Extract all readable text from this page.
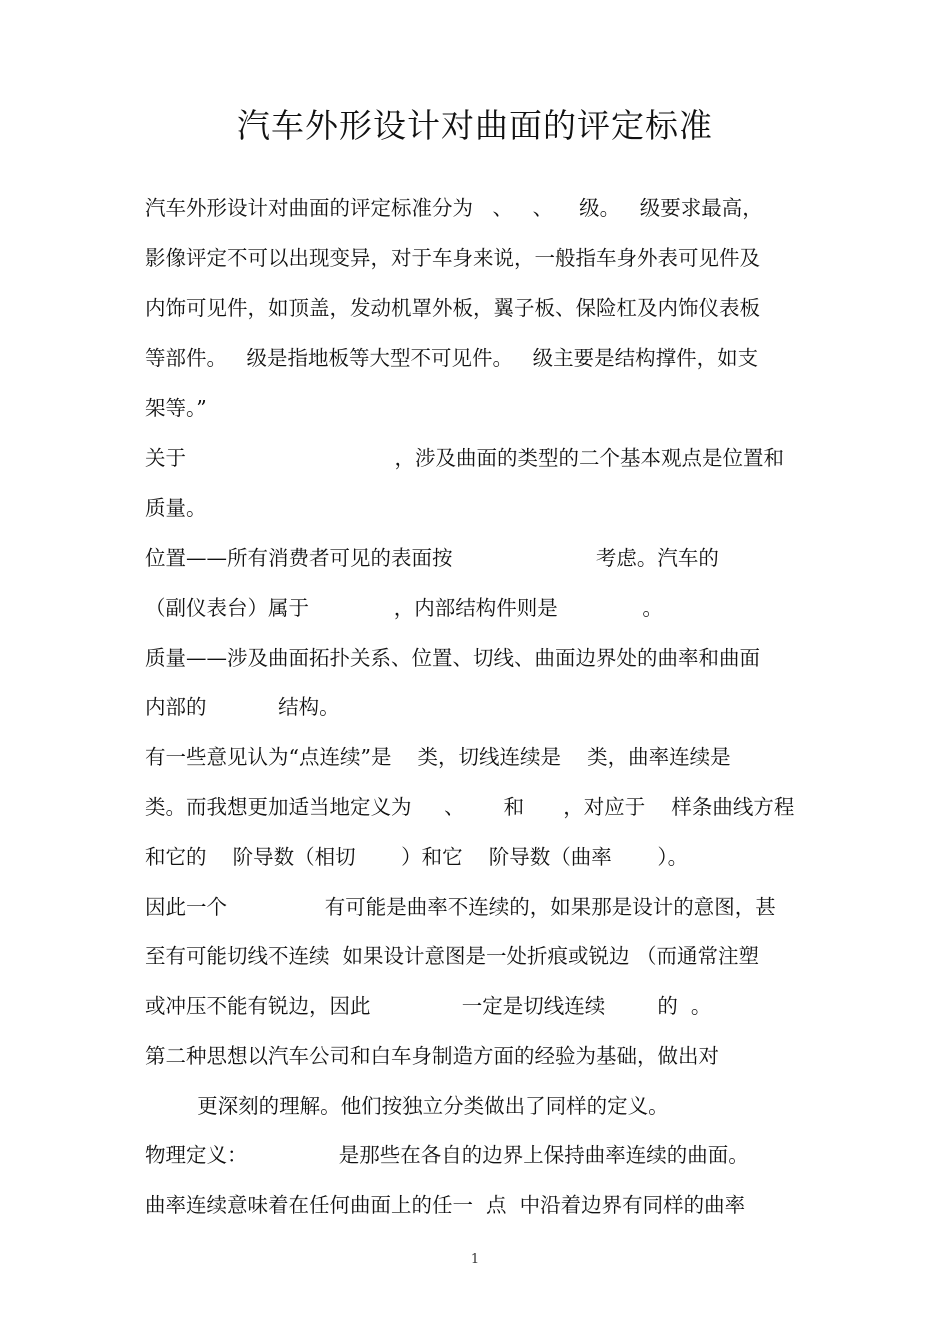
汽车外形设计对曲面的评定标准
汽车外形设计对曲面的评定标准分为   、   、    级。   级要求最高，
影像评定不可以出现变异，对于车身来说，一般指车身外表可见件及
内饰可见件，如顶盖，发动机罩外板，翼子板、保险杠及内饰仪表板
等部件。   级是指地板等大型不可见件。   级主要是结构撑件，如支
架等。”
关于                                ，涉及曲面的类型的二个基本观点是位置和
质量。
位置——所有消费者可见的表面按                      考虑。汽车的
（副仪表台）属于             ，内部结构件则是             。
质量——涉及曲面拓扑关系、位置、切线、曲面边界处的曲率和曲面
内部的           结构。
有一些意见认为“点连续”是    类，切线连续是    类，曲率连续是
类。而我想更加适当地定义为     、      和      ，对应于    样条曲线方程
和它的    阶导数（相切       ）和它    阶导数（曲率       ）。
因此一个               有可能是曲率不连续的，如果那是设计的意图，甚
至有可能切线不连续  如果设计意图是一处折痕或锐边 （而通常注塑
或冲压不能有锐边，因此              一定是切线连续        的  。
第二种思想以汽车公司和白车身制造方面的经验为基础，做出对
更深刻的理解。他们按独立分类做出了同样的定义。
物理定义：              是那些在各自的边界上保持曲率连续的曲面。
曲率连续意味着在任何曲面上的任一  点  中沿着边界有同样的曲率
1
